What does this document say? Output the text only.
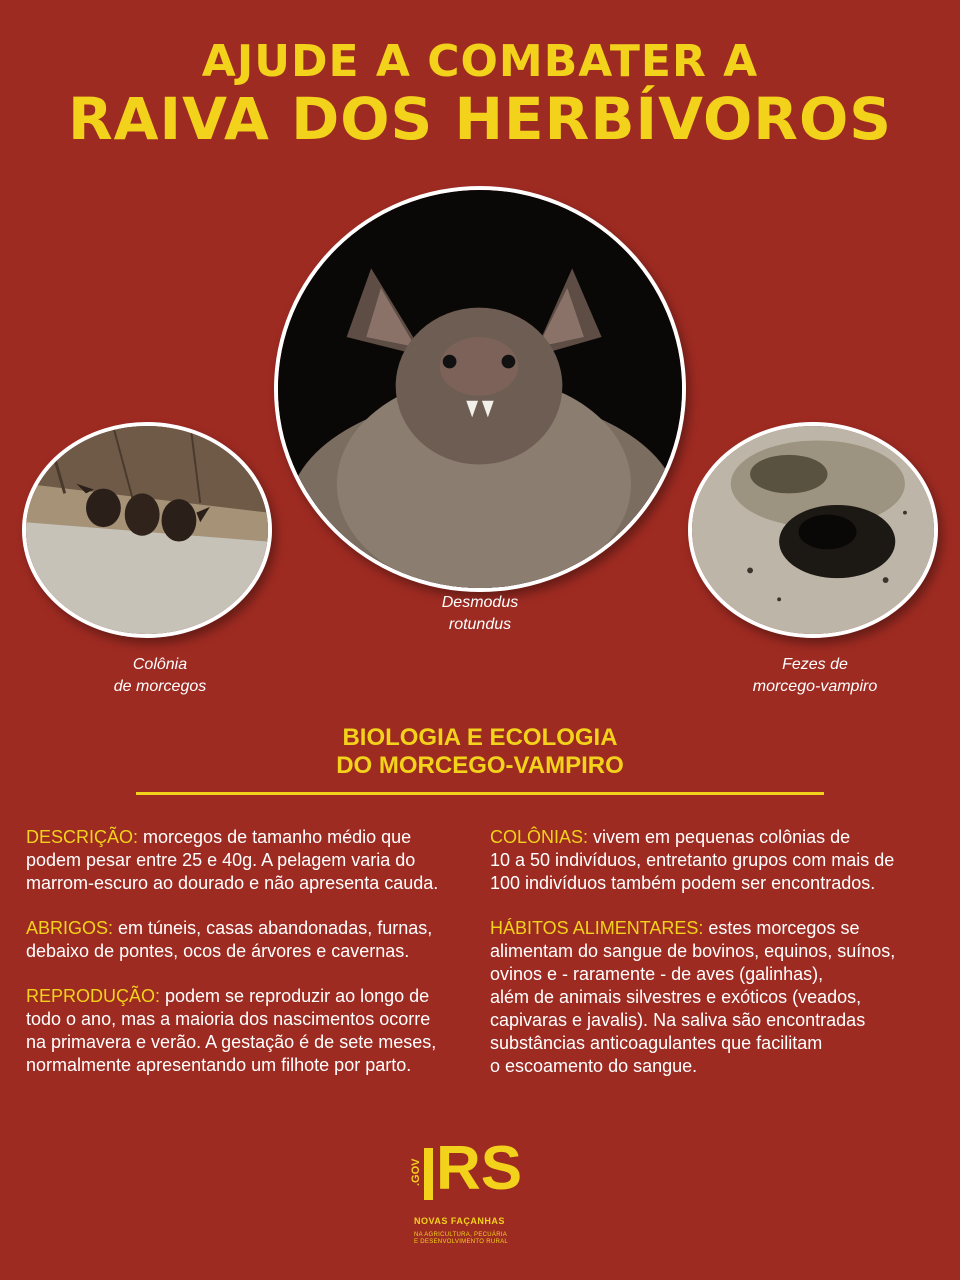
AJUDE A COMBATER A
RAIVA DOS HERBÍVOROS
Desmodus
rotundus
Colônia
de morcegos
Fezes de
morcego-vampiro
BIOLOGIA E ECOLOGIA
DO MORCEGO-VAMPIRO
DESCRIÇÃO: morcegos de tamanho médio que
podem pesar entre 25 e 40g. A pelagem varia do
marrom-escuro ao dourado e não apresenta cauda.
ABRIGOS: em túneis, casas abandonadas, furnas,
debaixo de pontes, ocos de árvores e cavernas.
REPRODUÇÃO: podem se reproduzir ao longo de
todo o ano, mas a maioria dos nascimentos ocorre
na primavera e verão. A gestação é de sete meses,
normalmente apresentando um filhote por parto.
COLÔNIAS: vivem em pequenas colônias de
10 a 50 indivíduos, entretanto grupos com mais de
100 indivíduos também podem ser encontrados.
HÁBITOS ALIMENTARES: estes morcegos se
alimentam do sangue de bovinos, equinos, suínos,
ovinos e - raramente - de aves (galinhas),
além de animais silvestres e exóticos (veados,
capivaras e javalis). Na saliva são encontradas
substâncias anticoagulantes que facilitam
o escoamento do sangue.
.GOV RS
NOVAS FAÇANHAS
NA AGRICULTURA, PECUÁRIA
E DESENVOLVIMENTO RURAL
